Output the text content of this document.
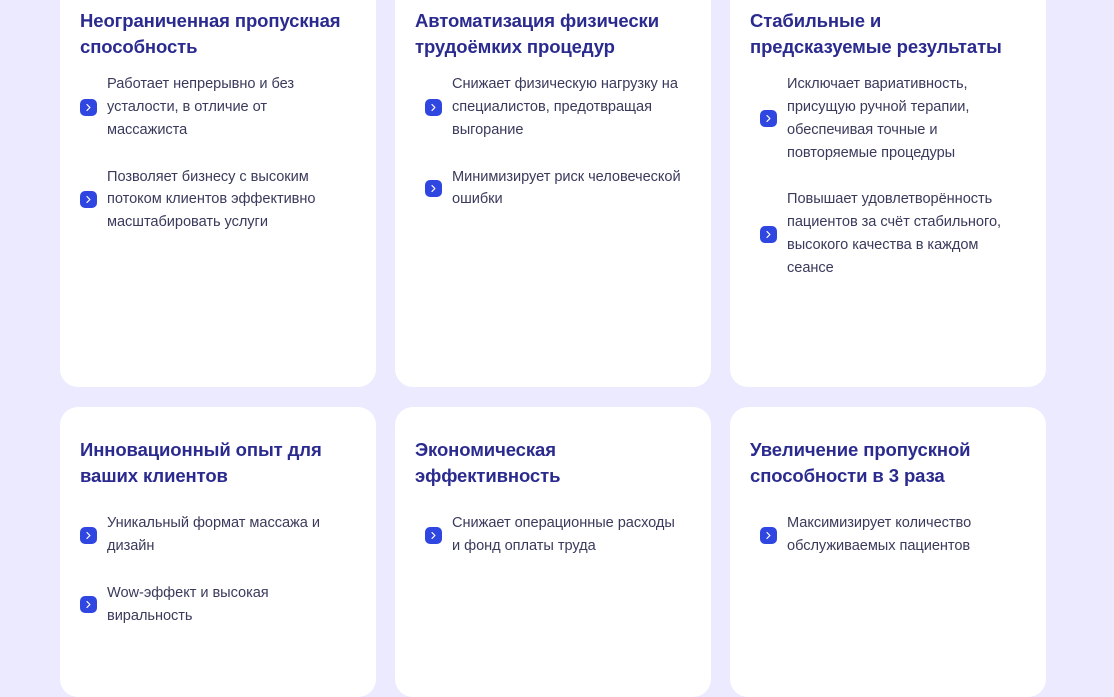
Неограниченная пропускная способность
Работает непрерывно и без усталости, в отличие от массажиста
Позволяет бизнесу с высоким потоком клиентов эффективно масштабировать услуги
Автоматизация физически трудоёмких процедур
Снижает физическую нагрузку на специалистов, предотвращая выгорание
Минимизирует риск человеческой ошибки
Стабильные и предсказуемые результаты
Исключает вариативность, присущую ручной терапии, обеспечивая точные и повторяемые процедуры
Повышает удовлетворённость пациентов за счёт стабильного, высокого качества в каждом сеансе
Инновационный опыт для ваших клиентов
Уникальный формат массажа и дизайн
Wow-эффект и высокая виральность
Экономическая эффективность
Снижает операционные расходы и фонд оплаты труда
Увеличение пропускной способности в 3 раза
Максимизирует количество обслуживаемых пациентов
